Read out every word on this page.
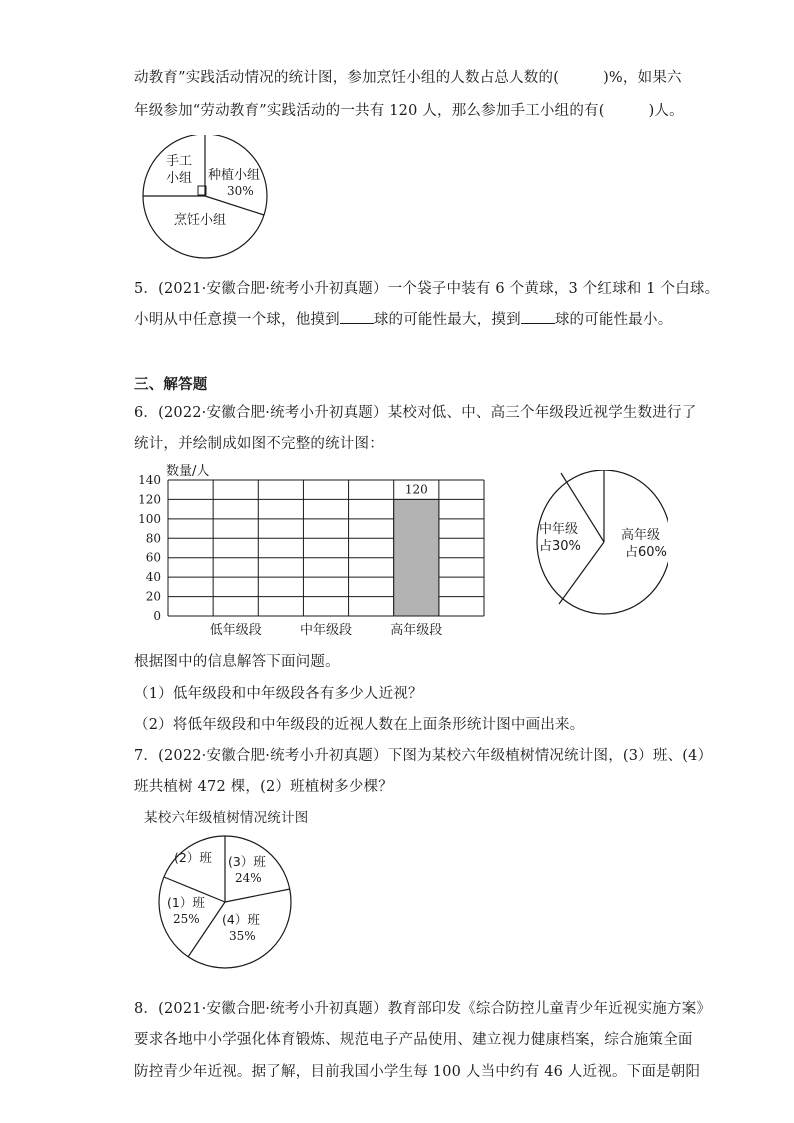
动教育”实践活动情况的统计图，参加烹饪小组的人数占总人数的(	)%，如果六
年级参加“劳动教育”实践活动的一共有 120 人，那么参加手工小组的有(	)人。
手工
小组 种植小组
30%
烹饪小组
5．(2021·安徽合肥·统考小升初真题）一个袋子中装有 6 个黄球，3 个红球和 1 个白球。
小明从中任意摸一个球，他摸到 球的可能性最大，摸到 球的可能性最小。
三、解答题
6．(2022·安徽合肥·统考小升初真题）某校对低、中、高三个年级段近视学生数进行了
统计，并绘制成如图不完整的统计图：
数量/人
0
20
40
60
80
100
120
140
120
低年级段	中年级段	高年级段
中年级
占30%
高年级
占60%
根据图中的信息解答下面问题。
（1）低年级段和中年级段各有多少人近视？
（2）将低年级段和中年级段的近视人数在上面条形统计图中画出来。
7．(2022·安徽合肥·统考小升初真题）下图为某校六年级植树情况统计图，(3）班、(4）
班共植树 472 棵，(2）班植树多少棵？
某校六年级植树情况统计图
(2）班 (3）班
24%
(1）班
25% (4）班
35%
8．(2021·安徽合肥·统考小升初真题）教育部印发《综合防控儿童青少年近视实施方案》
要求各地中小学强化体育锻炼、规范电子产品使用、建立视力健康档案，综合施策全面
防控青少年近视。据了解，目前我国小学生每 100 人当中约有 46 人近视。下面是朝阳
